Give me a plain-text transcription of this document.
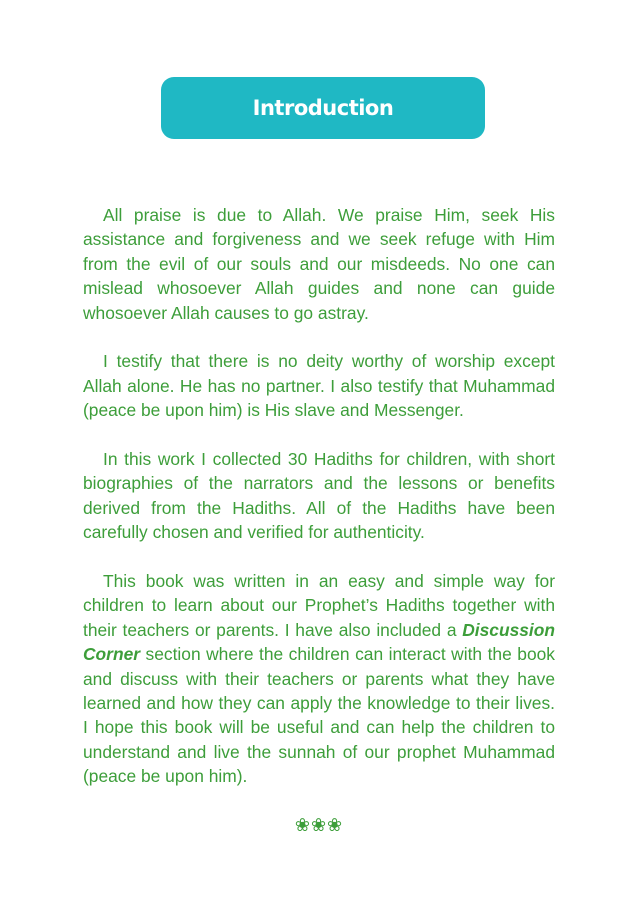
Introduction

All praise is due to Allah. We praise Him, seek His assistance and forgiveness and we seek refuge with Him from the evil of our souls and our misdeeds. No one can mislead whosoever Allah guides and none can guide whosoever Allah causes to go astray.

I testify that there is no deity worthy of worship except Allah alone. He has no partner. I also testify that Muhammad (peace be upon him) is His slave and Messenger.

In this work I collected 30 Hadiths for children, with short biographies of the narrators and the lessons or benefits derived from the Hadiths. All of the Hadiths have been carefully chosen and verified for authenticity.

This book was written in an easy and simple way for children to learn about our Prophet’s Hadiths together with their teachers or parents. I have also included a Discussion Corner section where the children can interact with the book and discuss with their teachers or parents what they have learned and how they can apply the knowledge to their lives. I hope this book will be useful and can help the children to understand and live the sunnah of our prophet Muhammad (peace be upon him).

❀❀❀
